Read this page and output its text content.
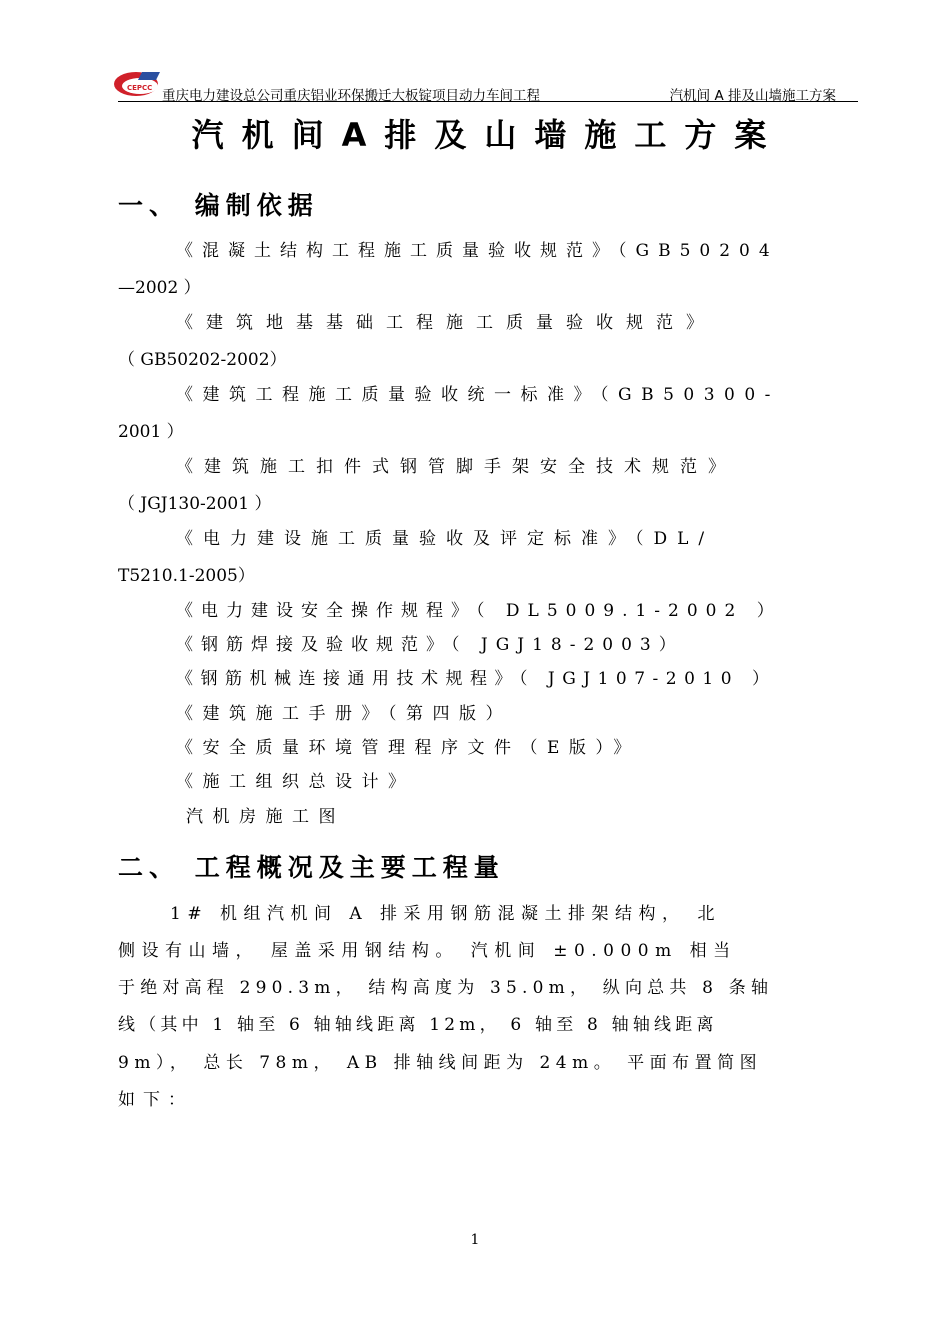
CEPCC 重庆电力建设总公司重庆铝业环保搬迁大板锭项目动力车间工程	汽机间 A 排及山墙施工方案
汽机间A排及山墙施工方案
一、 编制依据
《混凝土结构工程施工质量验收规范》（GB50204
—2002 ）
《建筑地基基础工程施工质量验收规范》
（ GB50202-2002）
《建筑工程施工质量验收统一标准》（GB50300-
2001 ）
《建筑施工扣件式钢管脚手架安全技术规范》
（ JGJ130-2001 ）
《电力建设施工质量验收及评定标准》（DL/
T5210.1-2005）
《电力建设安全操作规程》（ DL5009.1-2002 ）
《钢筋焊接及验收规范》（ JGJ18-2003）
《钢筋机械连接通用技术规程》（ JGJ107-2010 ）
《建筑施工手册》（第四版）
《安全质量环境管理程序文件（E版）》
《施工组织总设计》
汽机房施工图
二、 工程概况及主要工程量
1# 机组汽机间 A 排采用钢筋混凝土排架结构， 北
侧设有山墙， 屋盖采用钢结构。 汽机间 ±0.000m 相当
于绝对高程 290.3m， 结构高度为 35.0m， 纵向总共 8 条轴
线（其中 1 轴至 6 轴轴线距离 12m， 6 轴至 8 轴轴线距离
9m）， 总长 78m， AB 排轴线间距为 24m。 平面布置简图
如下：
1
